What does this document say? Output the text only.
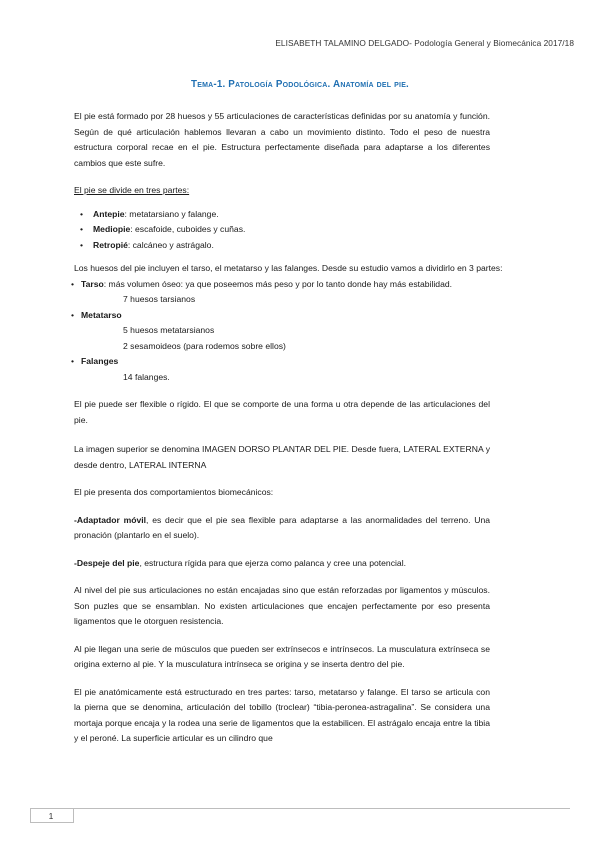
ELISABETH TALAMINO DELGADO- Podología General y Biomecánica 2017/18
Tema-1. Patología Podológica. Anatomía del pie.

El pie está formado por 28 huesos y 55 articulaciones de características definidas por su anatomía y función. Según de qué articulación hablemos llevaran a cabo un movimiento distinto. Todo el peso de nuestra estructura corporal recae en el pie. Estructura perfectamente diseñada para adaptarse a los diferentes cambios que este sufre.

El pie se divide en tres partes:

• Antepie: metatarsiano y falange.
• Mediopie: escafoide, cuboides y cuñas.
• Retropié: calcáneo y astrágalo.

Los huesos del pie incluyen el tarso, el metatarso y las falanges. Desde su estudio vamos a dividirlo en 3 partes:

• Tarso: más volumen óseo: ya que poseemos más peso y por lo tanto donde hay más estabilidad.
7 huesos tarsianos
• Metatarso
5 huesos metatarsianos
2 sesamoideos (para rodemos sobre ellos)
• Falanges
14 falanges.

El pie puede ser flexible o rígido. El que se comporte de una forma u otra depende de las articulaciones del pie.

La imagen superior se denomina IMAGEN DORSO PLANTAR DEL PIE. Desde fuera, LATERAL EXTERNA y desde dentro, LATERAL INTERNA

El pie presenta dos comportamientos biomecánicos:

-Adaptador móvil, es decir que el pie sea flexible para adaptarse a las anormalidades del terreno. Una pronación (plantarlo en el suelo).

-Despeje del pie, estructura rígida para que ejerza como palanca y cree una potencial.

Al nivel del pie sus articulaciones no están encajadas sino que están reforzadas por ligamentos y músculos. Son puzles que se ensamblan. No existen articulaciones que encajen perfectamente por eso presenta ligamentos que le otorguen resistencia.

Al pie llegan una serie de músculos que pueden ser extrínsecos e intrínsecos. La musculatura extrínseca se origina externo al pie. Y la musculatura intrínseca se origina y se inserta dentro del pie.

El pie anatómicamente está estructurado en tres partes: tarso, metatarso y falange. El tarso se articula con la pierna que se denomina, articulación del tobillo (troclear) “tibia-peronea-astragalina”. Se considera una mortaja porque encaja y la rodea una serie de ligamentos que la estabilicen. El astrágalo encaja entre la tibia y el peroné. La superficie articular es un cilindro que

1
